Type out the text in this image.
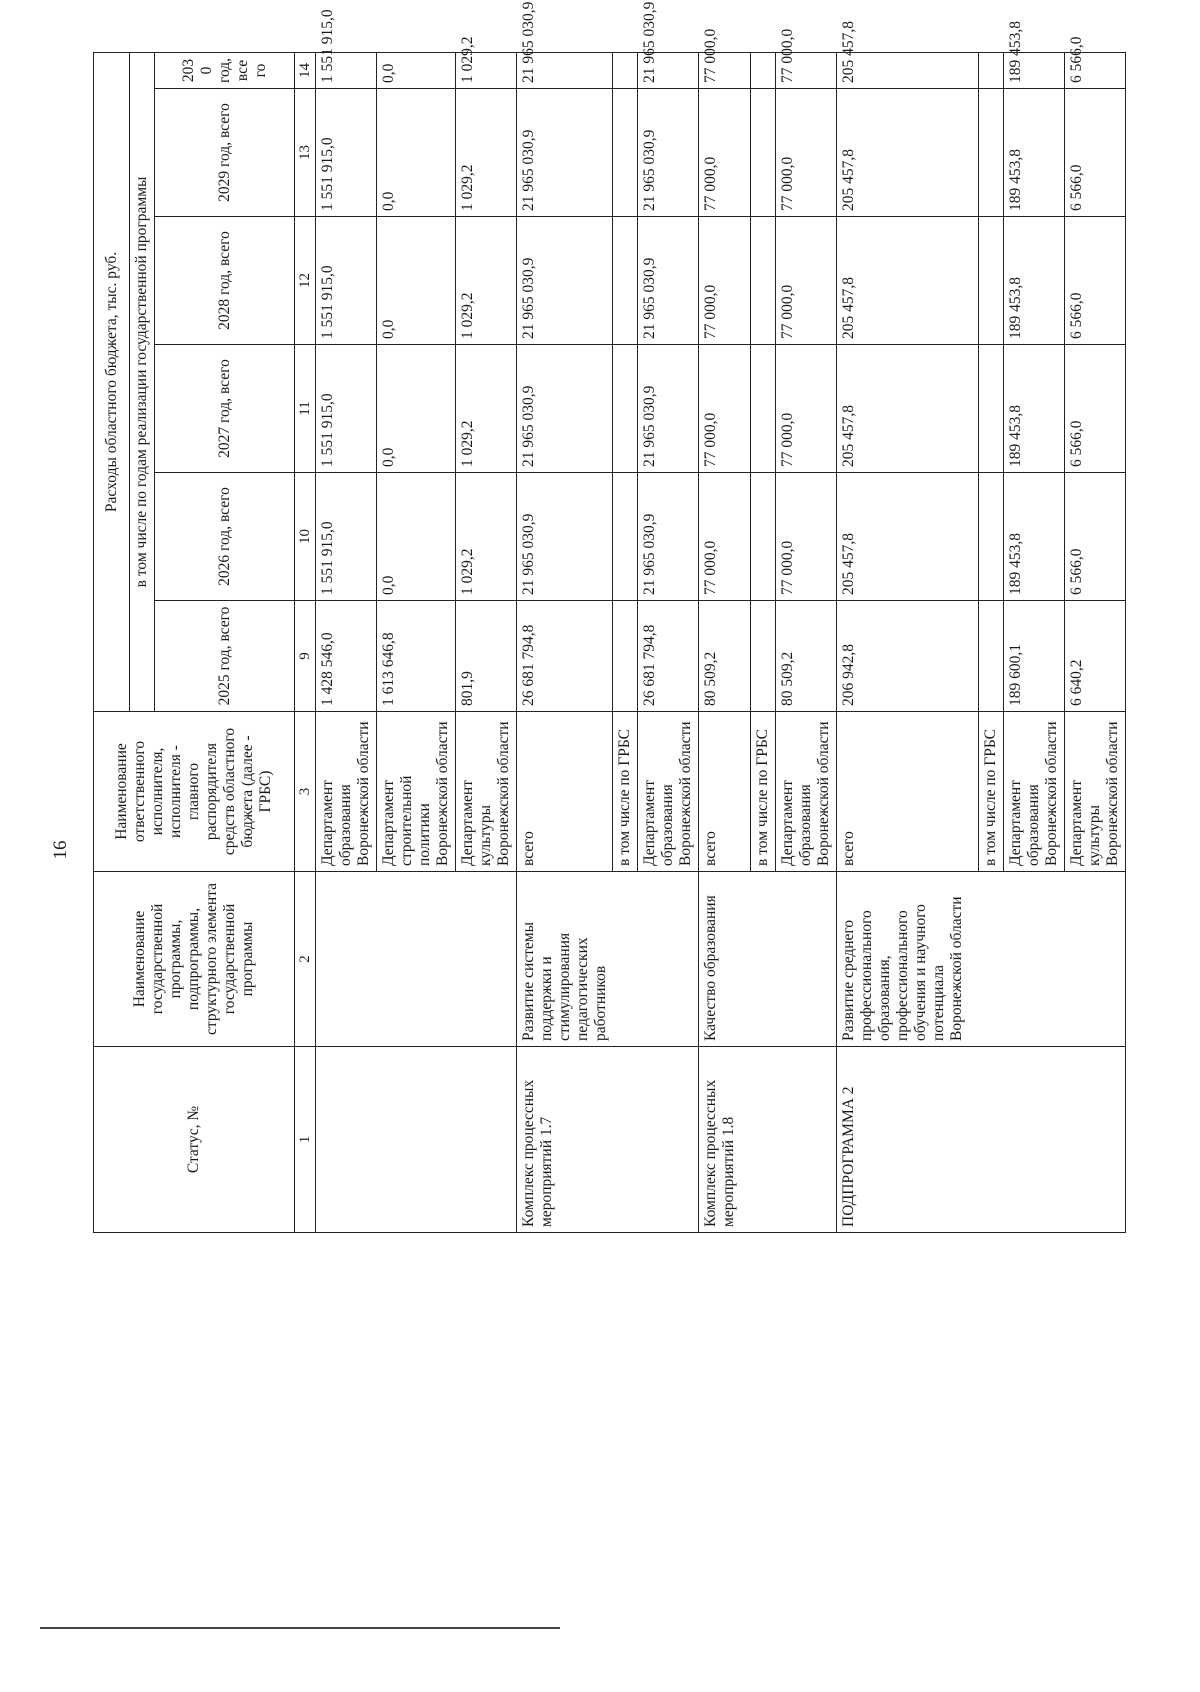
16
Статус, №	Наименование государственной программы, подпрограммы, структурного элемента государственной программы	Наименование ответственного исполнителя, исполнителя - главного распорядителя средств областного бюджета (далее - ГРБС)	Расходы областного бюджета, тыс. руб.					
			в том числе по годам реализации государственной программы					
			2025 год, всего	2026 год, всего	2027 год, всего	2028 год, всего	2029 год, всего	2030 год, всего
1	2	3	9	10	11	12	13	14
		Департамент образования Воронежской области	1 428 546,0	1 551 915,0	1 551 915,0	1 551 915,0	1 551 915,0	1 551 915,0
		Департамент строительной политики Воронежской области	1 613 646,8	0,0	0,0	0,0	0,0	0,0
		Департамент культуры Воронежской области	801,9	1 029,2	1 029,2	1 029,2	1 029,2	1 029,2
Комплекс процессных мероприятий 1.7	Развитие системы поддержки и стимулирования педагогических работников	всего	26 681 794,8	21 965 030,9	21 965 030,9	21 965 030,9	21 965 030,9	21 965 030,9
		в том числе по ГРБС						
		Департамент образования Воронежской области	26 681 794,8	21 965 030,9	21 965 030,9	21 965 030,9	21 965 030,9	21 965 030,9
Комплекс процессных мероприятий 1.8	Качество образования	всего	80 509,2	77 000,0	77 000,0	77 000,0	77 000,0	77 000,0
		в том числе по ГРБС						
		Департамент образования Воронежской области	80 509,2	77 000,0	77 000,0	77 000,0	77 000,0	77 000,0
ПОДПРОГРАММА 2	Развитие среднего профессионального образования, профессионального обучения и научного потенциала Воронежской области	всего	206 942,8	205 457,8	205 457,8	205 457,8	205 457,8	205 457,8
		в том числе по ГРБС						
		Департамент образования Воронежской области	189 600,1	189 453,8	189 453,8	189 453,8	189 453,8	189 453,8
		Департамент культуры Воронежской области	6 640,2	6 566,0	6 566,0	6 566,0	6 566,0	6 566,0
